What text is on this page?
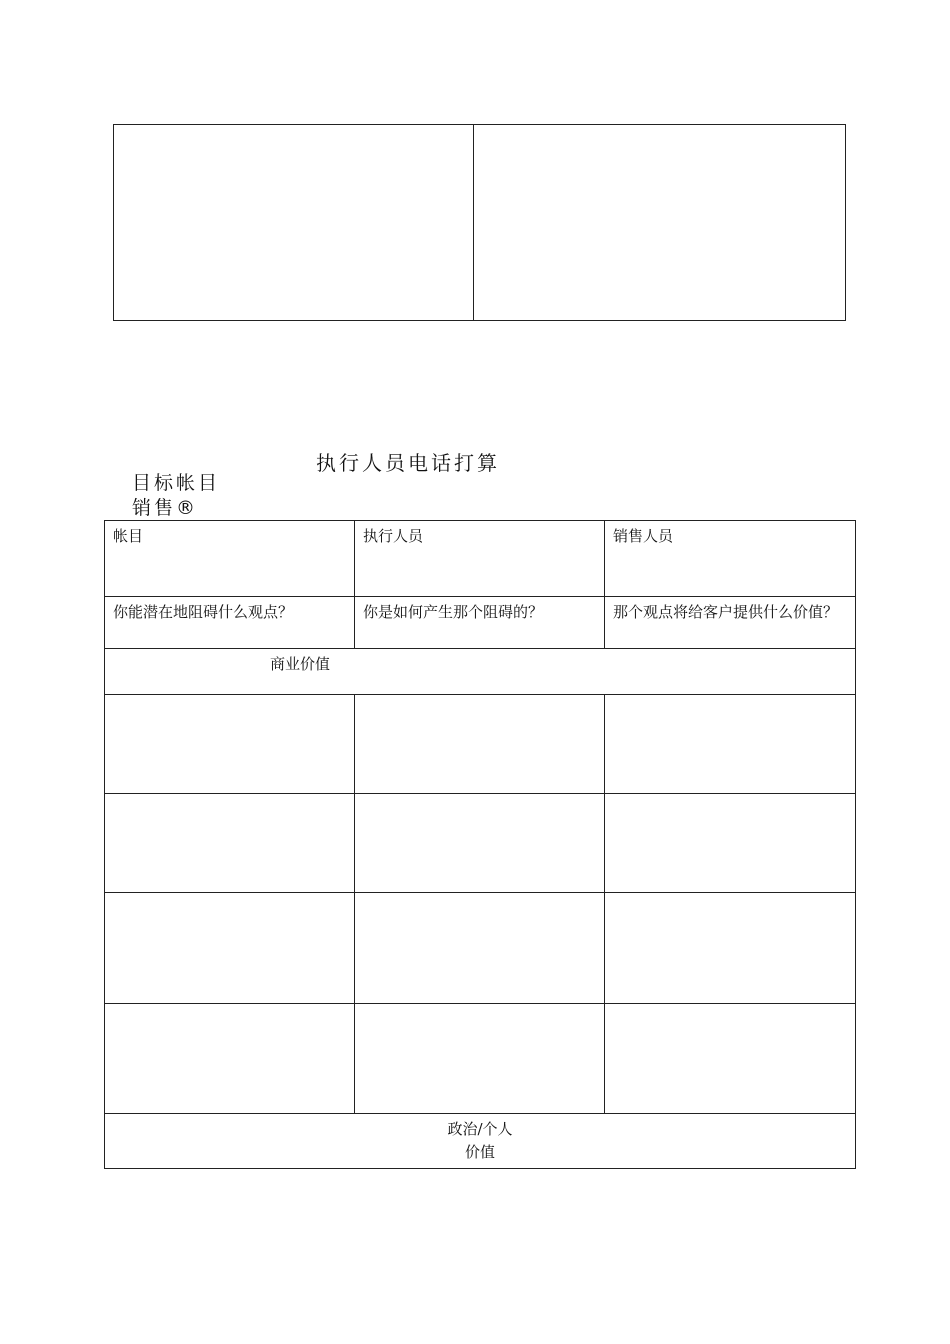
执行人员电话打算
目标帐目
销售®
帐目	执行人员	销售人员
你能潜在地阻碍什么观点？	你是如何产生那个阻碍的？	那个观点将给客户提供什么价值？

商业价值		

政治/个人
价值		
